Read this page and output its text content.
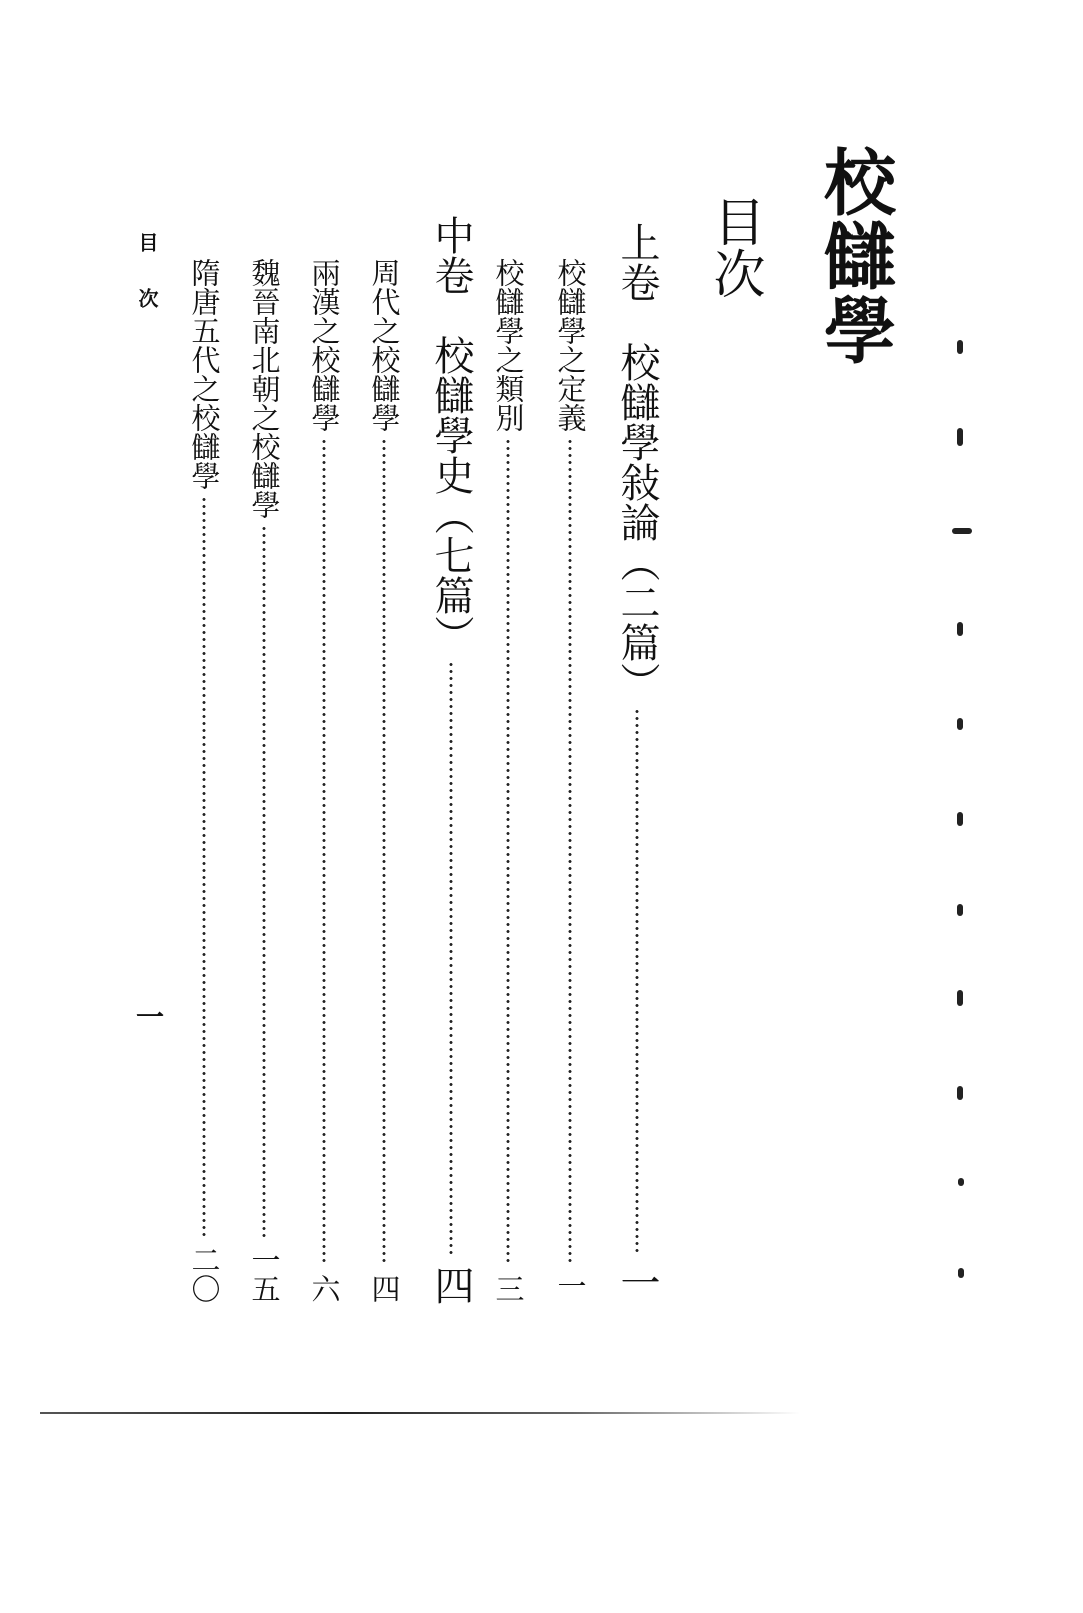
校讎學
目次
上卷　校讎學敍論（二篇）
一
校讎學之定義
一
校讎學之類別
三
中卷　校讎學史（七篇）
四
周代之校讎學
四
兩漢之校讎學
六
魏晉南北朝之校讎學
一五
隋唐五代之校讎學
二〇
目次
一
